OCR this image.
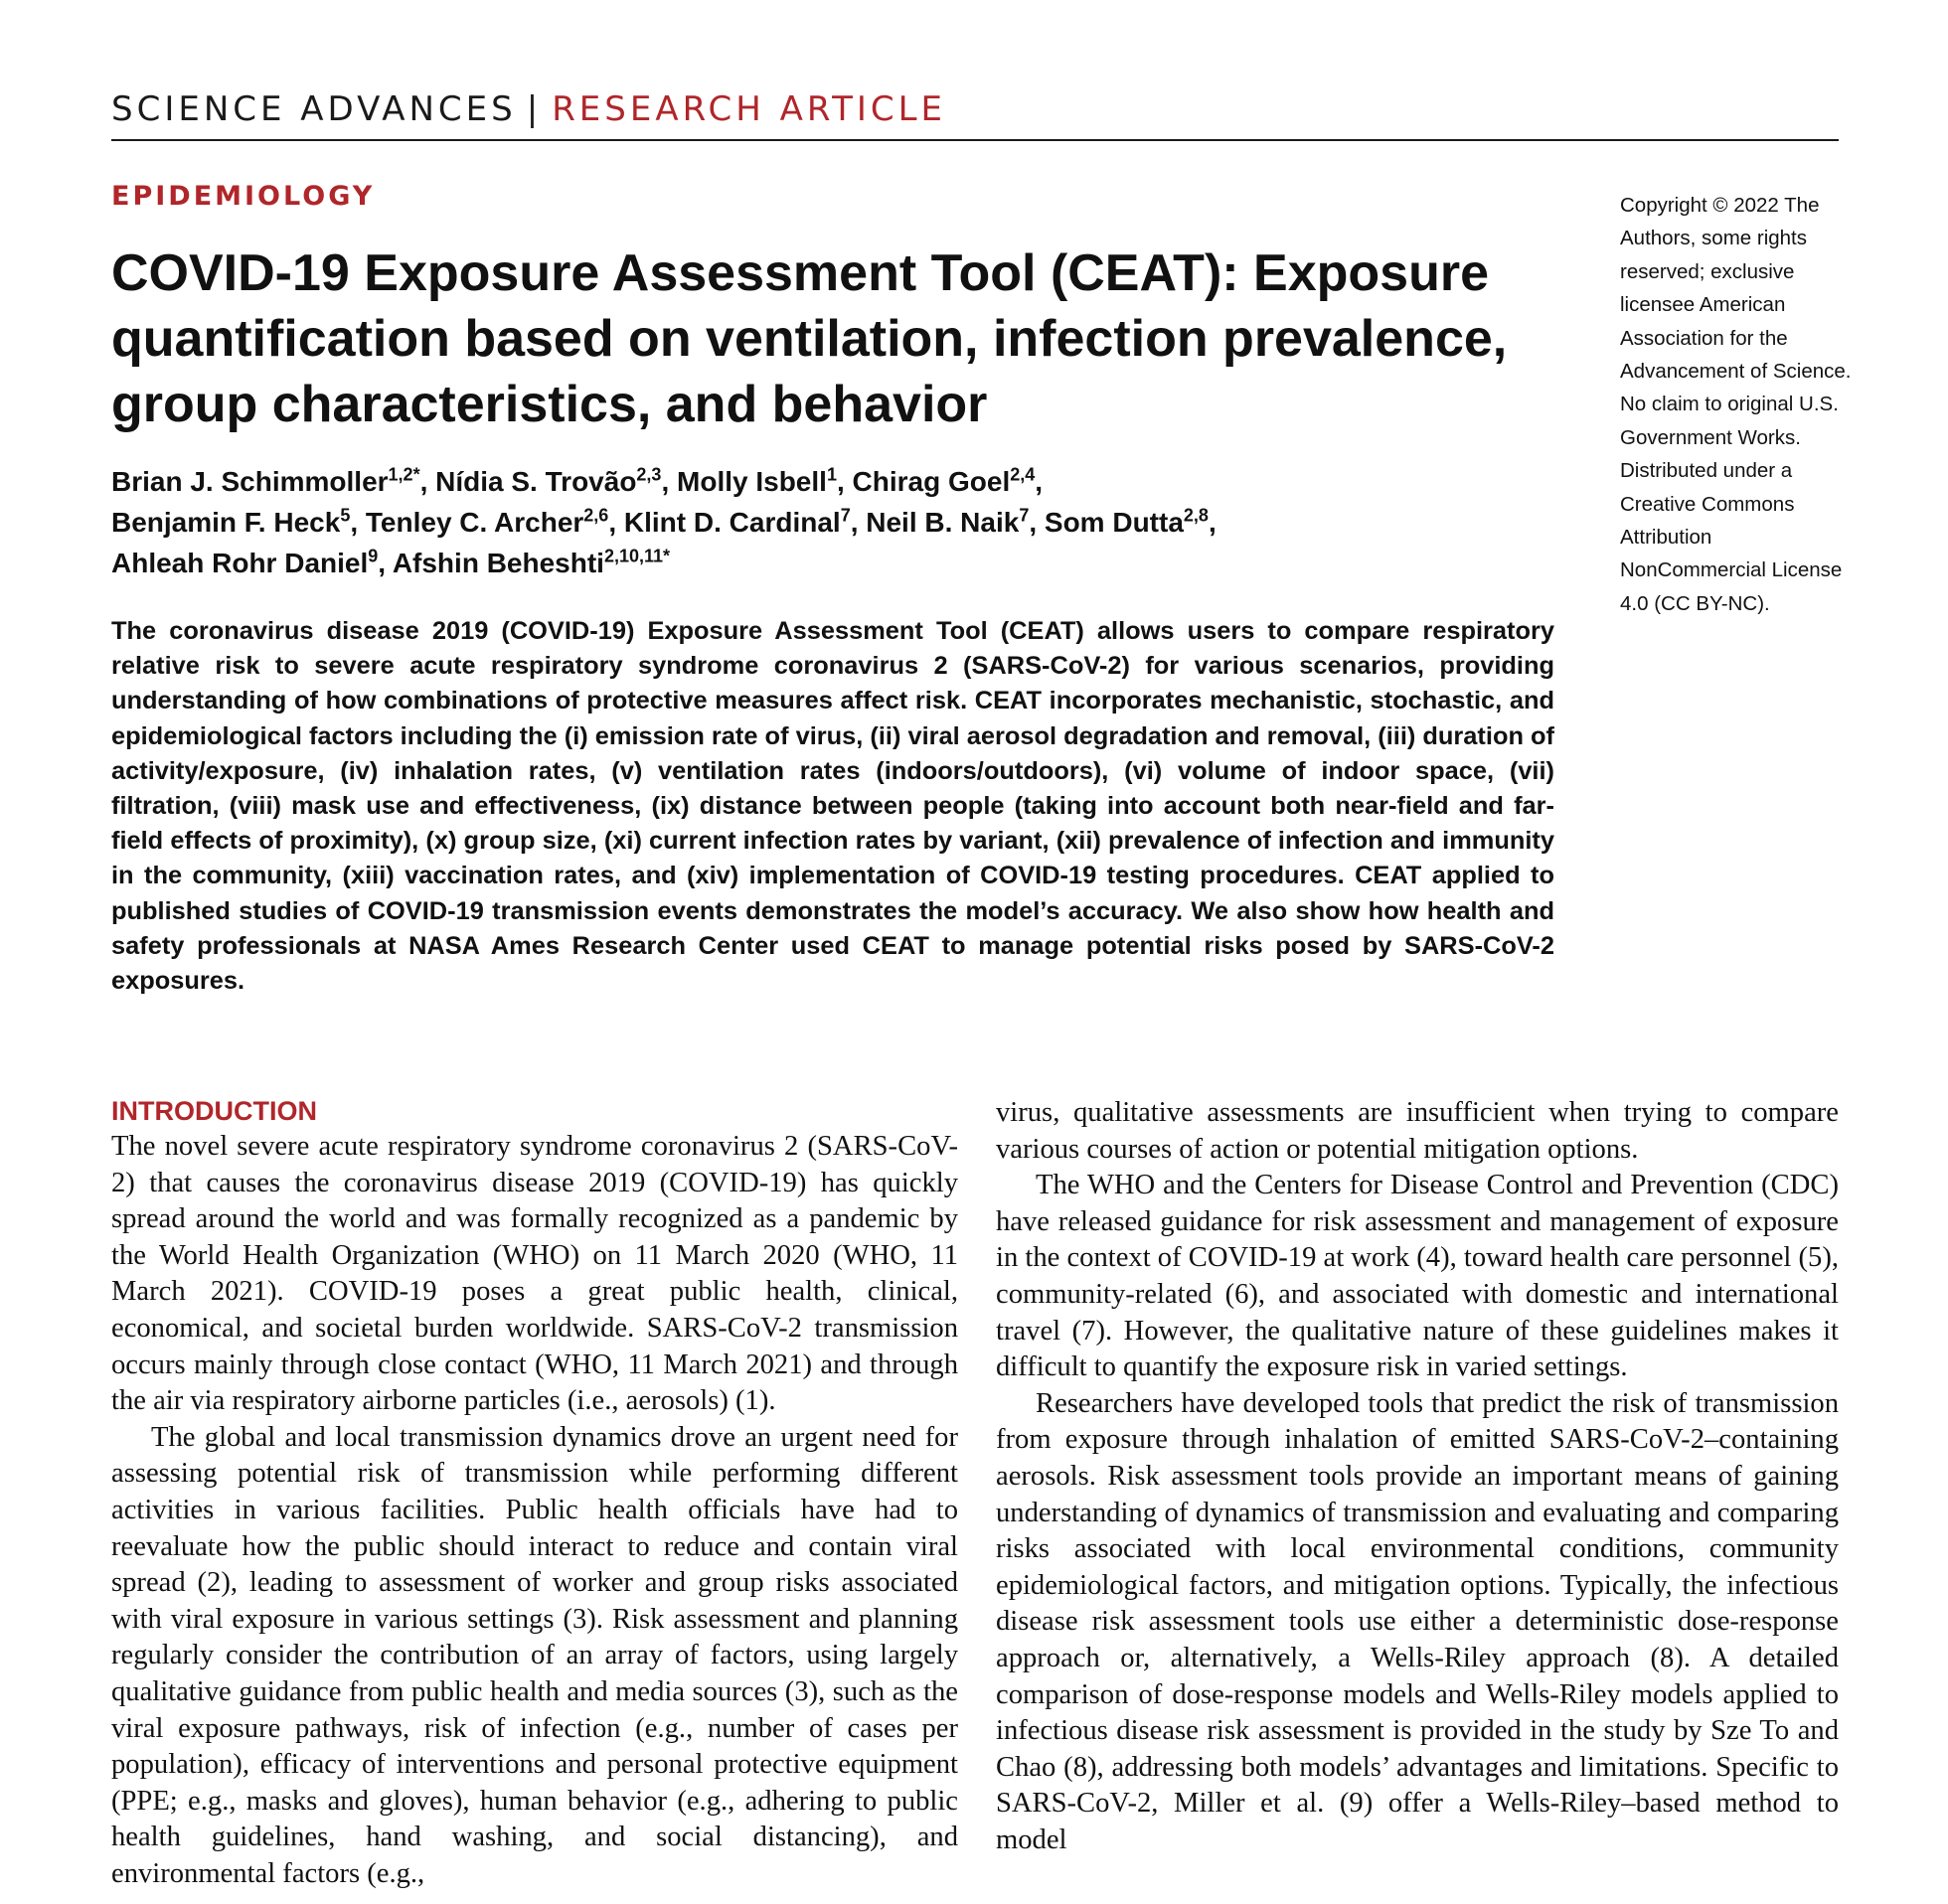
SCIENCE ADVANCES | RESEARCH ARTICLE
EPIDEMIOLOGY
COVID-19 Exposure Assessment Tool (CEAT): Exposure quantification based on ventilation, infection prevalence, group characteristics, and behavior
Brian J. Schimmoller$^{1,2*}$, Nídia S. Trovão$^{2,3}$, Molly Isbell$^1$, Chirag Goel$^{2,4}$,
Benjamin F. Heck$^5$, Tenley C. Archer$^{2,6}$, Klint D. Cardinal$^7$, Neil B. Naik$^7$, Som Dutta$^{2,8}$,
Ahleah Rohr Daniel$^9$, Afshin Beheshti$^{2,10,11*}$
Copyright © 2022 The Authors, some rights reserved; exclusive licensee American Association for the Advancement of Science. No claim to original U.S. Government Works. Distributed under a Creative Commons Attribution NonCommercial License 4.0 (CC BY-NC).

The coronavirus disease 2019 (COVID-19) Exposure Assessment Tool (CEAT) allows users to compare respiratory relative risk to severe acute respiratory syndrome coronavirus 2 (SARS-CoV-2) for various scenarios, providing understanding of how combinations of protective measures affect risk. CEAT incorporates mechanistic, stochastic, and epidemiological factors including the (i) emission rate of virus, (ii) viral aerosol degradation and removal, (iii) duration of activity/exposure, (iv) inhalation rates, (v) ventilation rates (indoors/outdoors), (vi) volume of indoor space, (vii) filtration, (viii) mask use and effectiveness, (ix) distance between people (taking into account both near-field and far-field effects of proximity), (x) group size, (xi) current infection rates by variant, (xii) prevalence of infection and immunity in the community, (xiii) vaccination rates, and (xiv) implementation of COVID-19 testing procedures. CEAT applied to published studies of COVID-19 transmission events demonstrates the model’s accuracy. We also show how health and safety professionals at NASA Ames Research Center used CEAT to manage potential risks posed by SARS-CoV-2 exposures.

INTRODUCTION

The novel severe acute respiratory syndrome coronavirus 2 (SARS-CoV-2) that causes the coronavirus disease 2019 (COVID-19) has quickly spread around the world and was formally recognized as a pandemic by the World Health Organization (WHO) on 11 March 2020 (WHO, 11 March 2021). COVID-19 poses a great public health, clinical, economical, and societal burden worldwide. SARS-CoV-2 transmission occurs mainly through close contact (WHO, 11 March 2021) and through the air via respiratory airborne particles (i.e., aerosols) (1).

The global and local transmission dynamics drove an urgent need for assessing potential risk of transmission while performing different activities in various facilities. Public health officials have had to reevaluate how the public should interact to reduce and contain viral spread (2), leading to assessment of worker and group risks associated with viral exposure in various settings (3). Risk assessment and planning regularly consider the contribution of an array of factors, using largely qualitative guidance from public health and media sources (3), such as the viral exposure pathways, risk of infection (e.g., number of cases per population), efficacy of interventions and personal protective equipment (PPE; e.g., masks and gloves), human behavior (e.g., adhering to public health guidelines, hand washing, and social distancing), and environmental factors (e.g.,

virus, qualitative assessments are insufficient when trying to compare various courses of action or potential mitigation options.

The WHO and the Centers for Disease Control and Prevention (CDC) have released guidance for risk assessment and management of exposure in the context of COVID-19 at work (4), toward health care personnel (5), community-related (6), and associated with domestic and international travel (7). However, the qualitative nature of these guidelines makes it difficult to quantify the exposure risk in varied settings.

Researchers have developed tools that predict the risk of transmission from exposure through inhalation of emitted SARS-CoV-2–containing aerosols. Risk assessment tools provide an important means of gaining understanding of dynamics of transmission and evaluating and comparing risks associated with local environmental conditions, community epidemiological factors, and mitigation options. Typically, the infectious disease risk assessment tools use either a deterministic dose-response approach or, alternatively, a Wells-Riley approach (8). A detailed comparison of dose-response models and Wells-Riley models applied to infectious disease risk assessment is provided in the study by Sze To and Chao (8), addressing both models’ advantages and limitations. Specific to SARS-CoV-2, Miller et al. (9) offer a Wells-Riley–based method to model
